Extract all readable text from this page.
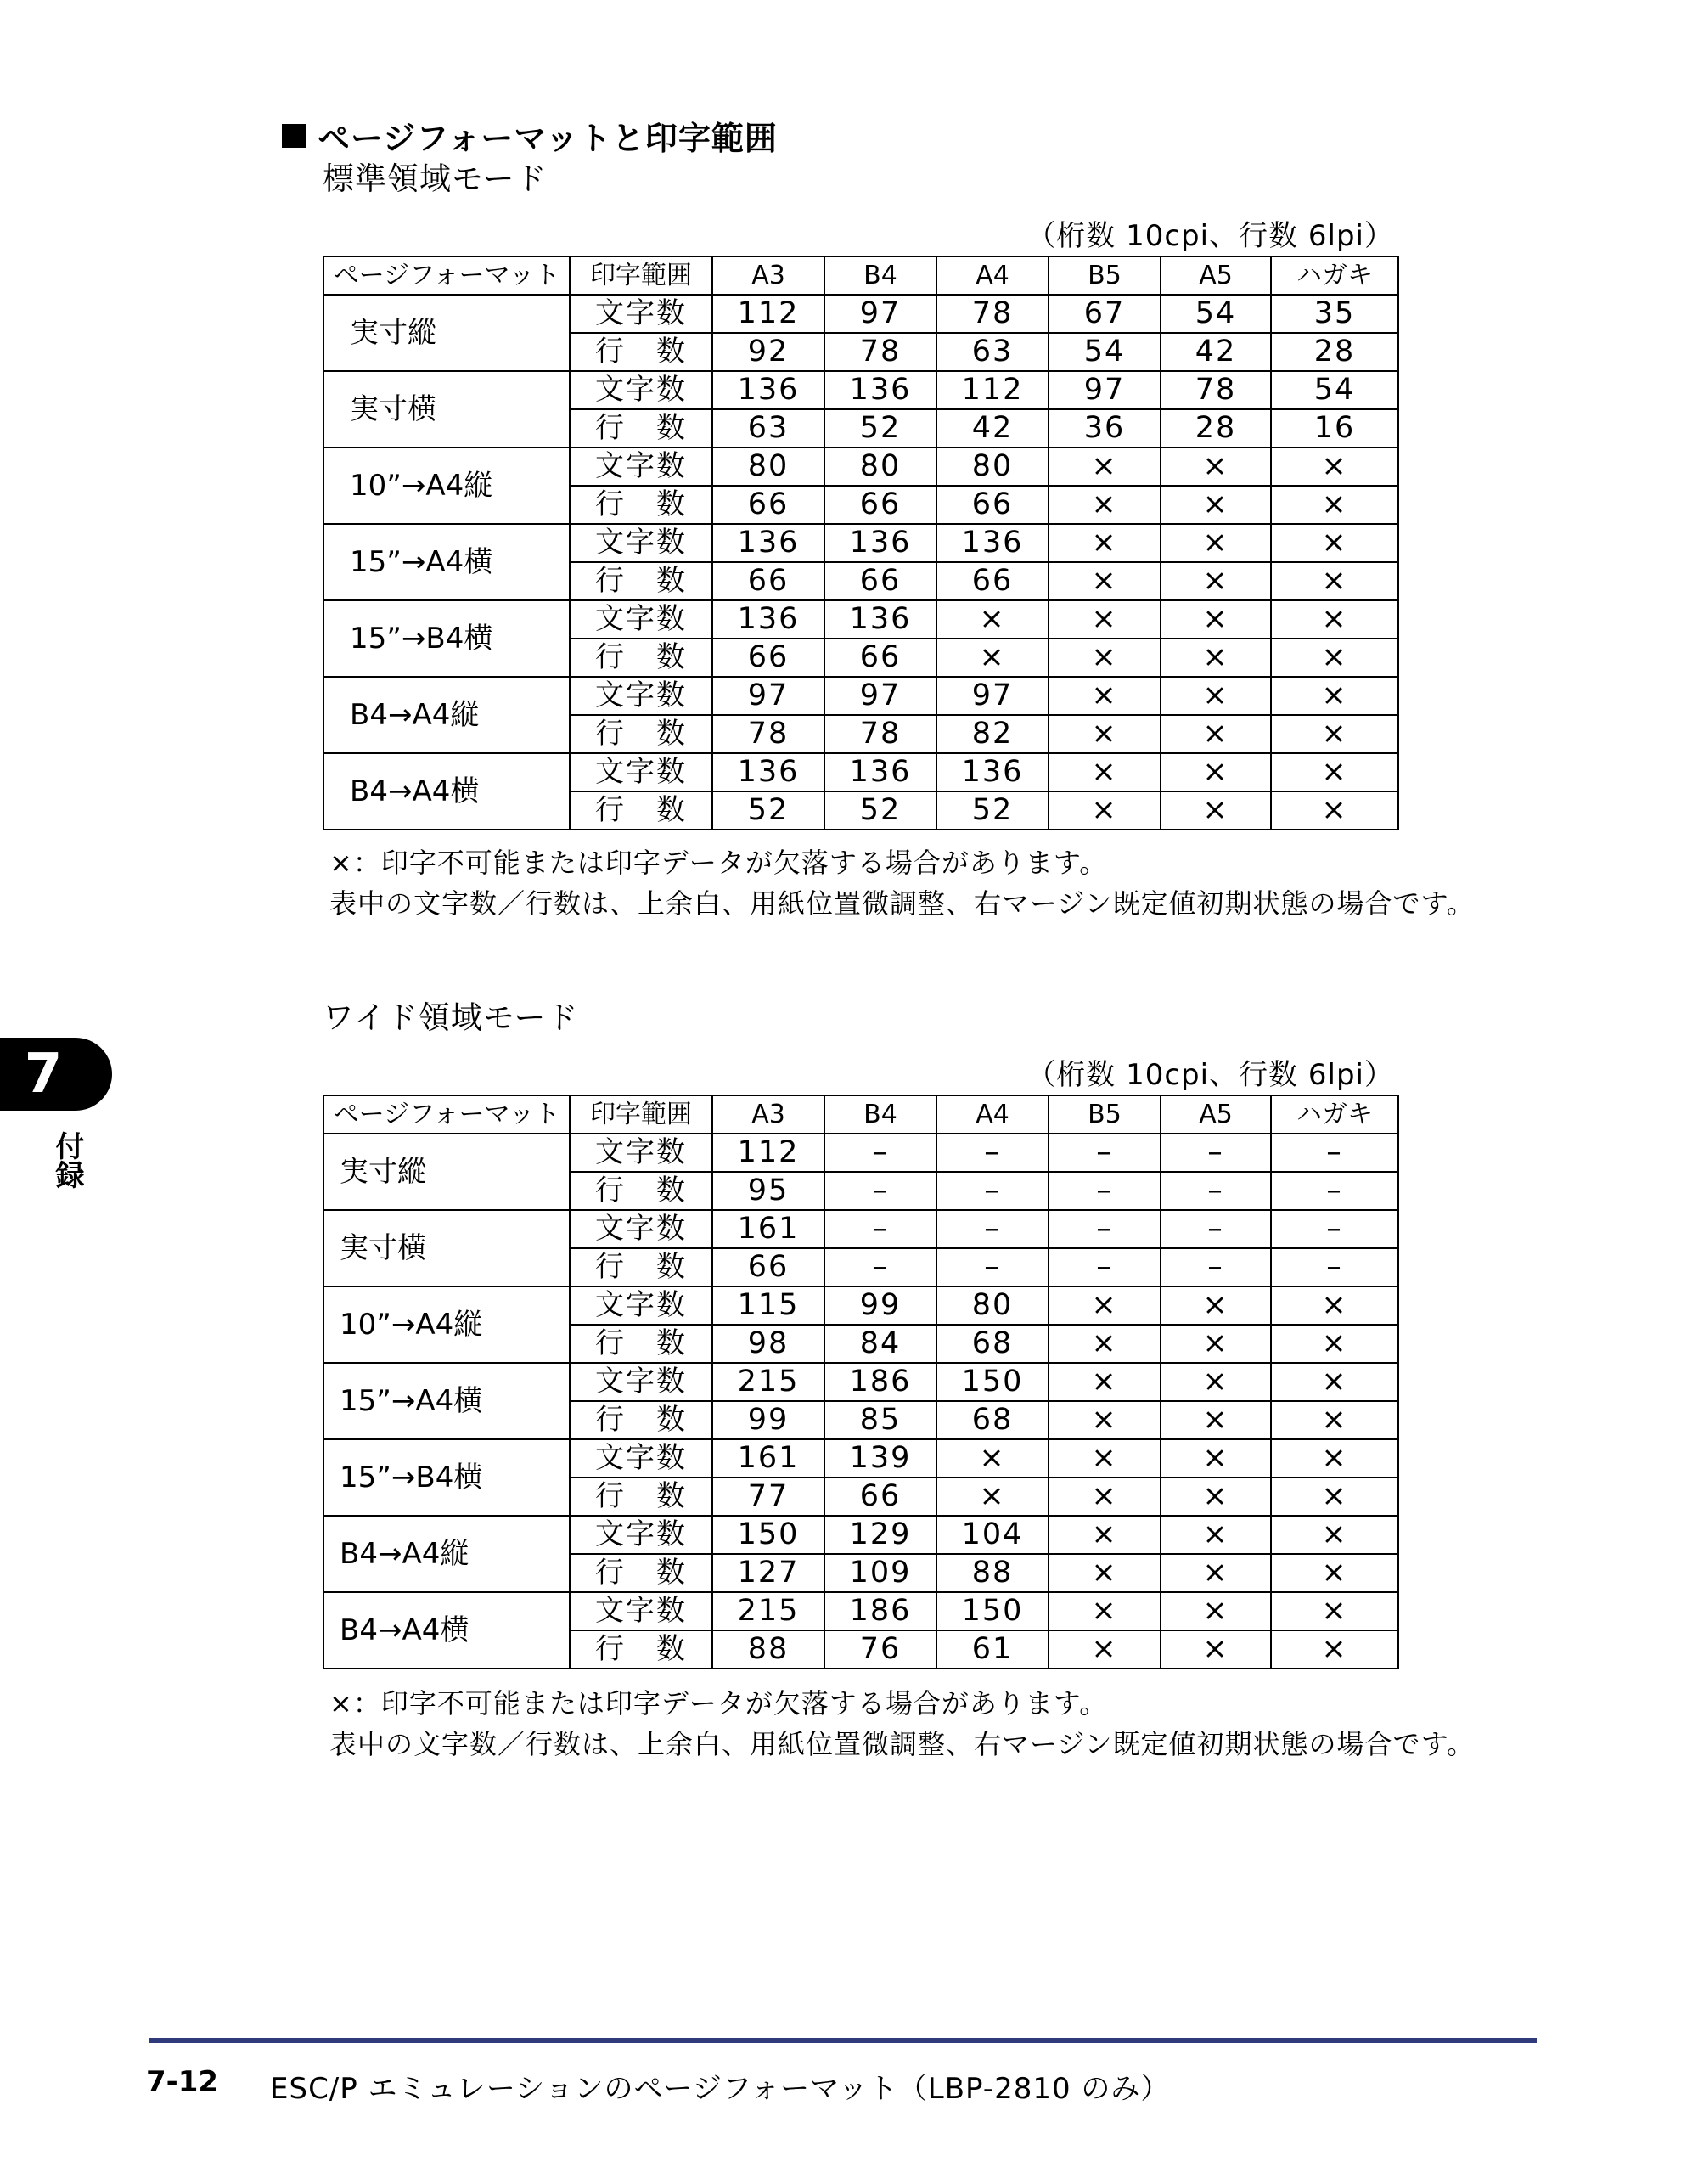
ページフォーマットと印字範囲
標準領域モード
（桁数 10cpi、行数 6lpi）
ページフォーマット	印字範囲	A3	B4	A4	B5	A5	ハガキ
実寸縱	文字数	112	97	78	67	54	35
	行　数	92	78	63	54	42	28
実寸横	文字数	136	136	112	97	78	54
	行　数	63	52	42	36	28	16
10”→A4縦	文字数	80	80	80	×	×	×
	行　数	66	66	66	×	×	×
15”→A4横	文字数	136	136	136	×	×	×
	行　数	66	66	66	×	×	×
15”→B4横	文字数	136	136	×	×	×	×
	行　数	66	66	×	×	×	×
B4→A4縦	文字数	97	97	97	×	×	×
	行　数	78	78	82	×	×	×
B4→A4横	文字数	136	136	136	×	×	×
	行　数	52	52	52	×	×	×
×：印字不可能または印字データが欠落する場合があります。
表中の文字数／行数は、上余白、用紙位置微調整、右マージン既定値初期状態の場合です。
ワイド領域モード
（桁数 10cpi、行数 6lpi）
ページフォーマット	印字範囲	A3	B4	A4	B5	A5	ハガキ
実寸縱	文字数	112	–	–	–	–	–
	行　数	95	–	–	–	–	–
実寸横	文字数	161	–	–	–	–	–
	行　数	66	–	–	–	–	–
10”→A4縦	文字数	115	99	80	×	×	×
	行　数	98	84	68	×	×	×
15”→A4横	文字数	215	186	150	×	×	×
	行　数	99	85	68	×	×	×
15”→B4横	文字数	161	139	×	×	×	×
	行　数	77	66	×	×	×	×
B4→A4縦	文字数	150	129	104	×	×	×
	行　数	127	109	88	×	×	×
B4→A4横	文字数	215	186	150	×	×	×
	行　数	88	76	61	×	×	×
×：印字不可能または印字データが欠落する場合があります。
表中の文字数／行数は、上余白、用紙位置微調整、右マージン既定値初期状態の場合です。
7
付録
7-12 ESC/P エミュレーションのページフォーマット（LBP-2810 のみ）
